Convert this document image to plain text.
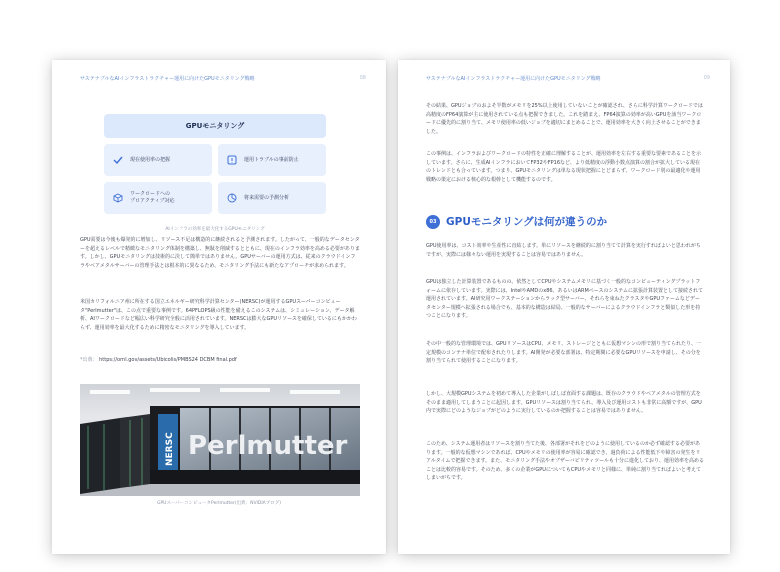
サステナブルなAIインフラストラクチャー運用に向けたGPUモニタリング戦略	08
GPUモニタリング
現在使用率の把握	運用トラブルの事前防止
ワークロードへの
プロアクティブ対応
将来需要の予測分析
AIインフラの効率を最大化するGPUモニタリング

GPU需要は今後も爆発的に増加し、リソース不足は構造的に継続されると予測されます。したがって、一般的なデータセンターを超えるレベルで精緻なモニタリング体制を構築し、無駄を削減するとともに、現在のインフラ効率を高める必要があります。しかし、GPUモニタリングは技術的に決して簡単ではありません。GPUサーバーの運用方式は、従来のクラウドインフラやベアメタルサーバーの管理手法とは根本的に異なるため、モニタリング手法にも新たなアプローチが求められます。

米国カリフォルニア州に所在する国立エネルギー研究科学計算センター(NERSC)が運用するGPUスーパーコンピュータ"Perlmutter"は、この点で重要な事例です。64PFLOPS級の性能を備えるこのシステムは、シミュレーション、データ解析、AIワークロードなど幅広い科学研究全般に活用されています。NERSCは膨大なGPUリソースを確保しているにもかかわらず、運用効率を最大化するために精密なモニタリングを導入しています。

*出典： https://ornl.gov/assets/Ubicolis/PMBS24 DCBM final.pdf

NERSC Perlmutter
GPUスーパーコンピュータPerlmutter(出典：NVIDIAブログ)
サステナブルなAIインフラストラクチャー運用に向けたGPUモニタリング戦略	09

その結果、GPUジョブのおよそ半数がメモリを25%以上使用していないことが確認され、さらに科学計算ワークロードでは高精度のFP64演算が主に使用されている点も把握できました。これを踏まえ、FP64演算の効率が高いGPUを該当ワークロードに優先的に割り当て、メモリ使用率の低いジョブを適切にまとめることで、運用効率を大きく向上させることができました。

この事例は、インフラおよびワークロードの特性を正確に理解することが、運用効率を左右する重要な要素であることを示しています。さらに、生成AIインフラにおいてFP32やFP16など、より低精度の浮動小数点演算の割合が拡大している現在のトレンドとも合っています。つまり、GPUモニタリングは単なる現状把握にとどまらず、ワークロード別の最適化や運用戦略の策定における核心的な根幹として機能するのです。

03 GPUモニタリングは何が違うのか

GPU使用率は、コスト効率や生産性に直結します。単にリソースを継続的に割り当てて計算を実行すればよいと思われがちですが、実際には様々ない運用を実現することは容易ではありません。

GPUは独立した計算装置であるものの、依然としてCPUやシステムメモリに基づく一般的なコンピューティングプラットフォームに依存しています。実際には、IntelやAMDのx86、あるいはARMベースのシステムに拡張計算装置として接続されて運用されています。AI研究用ワークステーションからラック型サーバー、それらを束ねたクラスタやGPUファームなどデータセンター規模へ拡張される場合でも、基本的な構造は結局、一般的なサーバーによるクラウドインフラと類似した形を持つことになります。

その中一般的な管理環境では、GPUリソースはCPU、メモリ、ストレージとともに仮想マシンの形で割り当てられたり、一定規模のコンテナ単位で配布されたりします。AI開発が必要な部署は、特定期間に必要なGPUリソースを申請し、その分を割り当てられて使用することになります。

しかし、大規模GPUシステムを初めて導入した企業がしばしば直面する課題は、既存のクラウドやベアメタルの管理方式をそのまま適用してしまうことに起因します。GPUリソースは割り当てられ、導入及び運用コストも非常に高額ですが、GPU内で実際にどのようなジョブがどのように実行しているのか把握することは容易ではありません。

このため、システム運用者はリソースを割り当てた後、各部署がそれをどのように使用しているのか必ず確認する必要があります。一般的な仮想マシンであれば、CPUやメモリの使用率が容易に確認でき、過負荷による性能低下や障害の発生をリアルタイムで把握できます。また、モニタリング手法やオブザーバビリティツールも十分に進化しており、運用効率を高めることは比較的容易です。そのため、多くの企業がGPUについてもCPUやメモリと同様に、単純に割り当てればよいと考えてしまいがちです。
